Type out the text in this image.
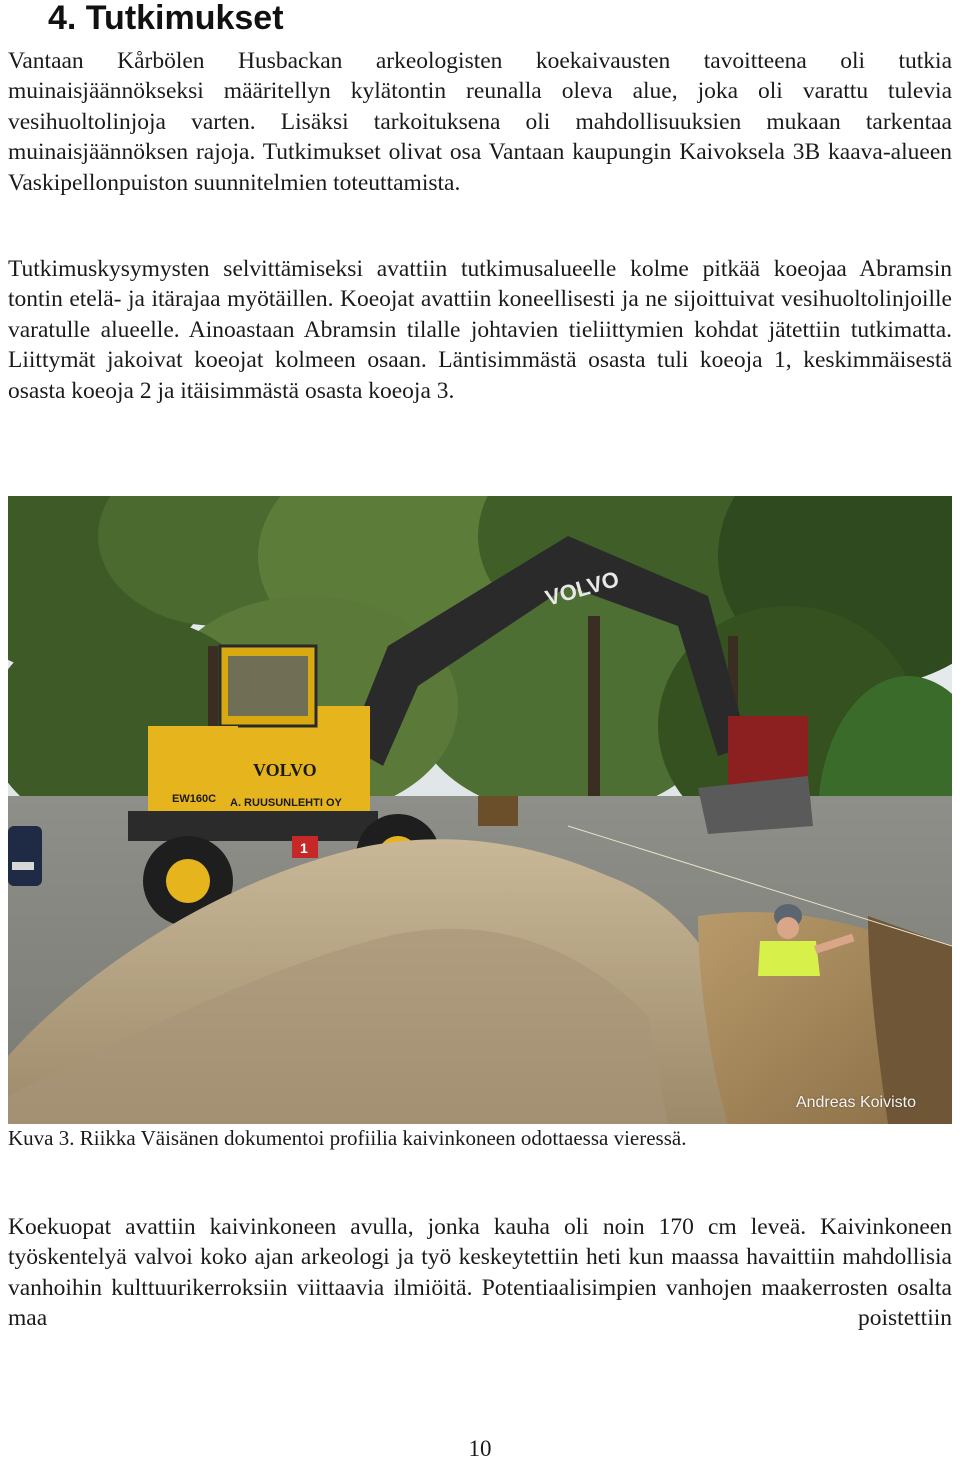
4. Tutkimukset

Vantaan Kårbölen Husbackan arkeologisten koekaivausten tavoitteena oli tutkia muinaisjäännökseksi määritellyn kylätontin reunalla oleva alue, joka oli varattu tulevia vesihuoltolinjoja varten. Lisäksi tarkoituksena oli mahdollisuuksien mukaan tarkentaa muinaisjäännöksen rajoja. Tutkimukset olivat osa Vantaan kaupungin Kaivoksela 3B kaava-alueen Vaskipellonpuiston suunnitelmien toteuttamista.

Tutkimuskysymysten selvittämiseksi avattiin tutkimusalueelle kolme pitkää koeojaa Abramsin tontin etelä- ja itärajaa myötäillen. Koeojat avattiin koneellisesti ja ne sijoittuivat vesihuoltolinjoille varatulle alueelle. Ainoastaan Abramsin tilalle johtavien tieliittymien kohdat jätettiin tutkimatta. Liittymät jakoivat koeojat kolmeen osaan. Läntisimmästä osasta tuli koeoja 1, keskimmäisestä osasta koeoja 2 ja itäisimmästä osasta koeoja 3.

VOLVO
VOLVO
EW160C A. RUUSUNLEHTI OY
1
Andreas Koivisto

Kuva 3. Riikka Väisänen dokumentoi profiilia kaivinkoneen odottaessa vieressä.

Koekuopat avattiin kaivinkoneen avulla, jonka kauha oli noin 170 cm leveä. Kaivinkoneen työskentelyä valvoi koko ajan arkeologi ja työ keskeytettiin heti kun maassa havaittiin mahdollisia vanhoihin kulttuurikerroksiin viittaavia ilmiöitä. Potentiaalisimpien vanhojen maakerrosten osalta maa poistettiin

10
